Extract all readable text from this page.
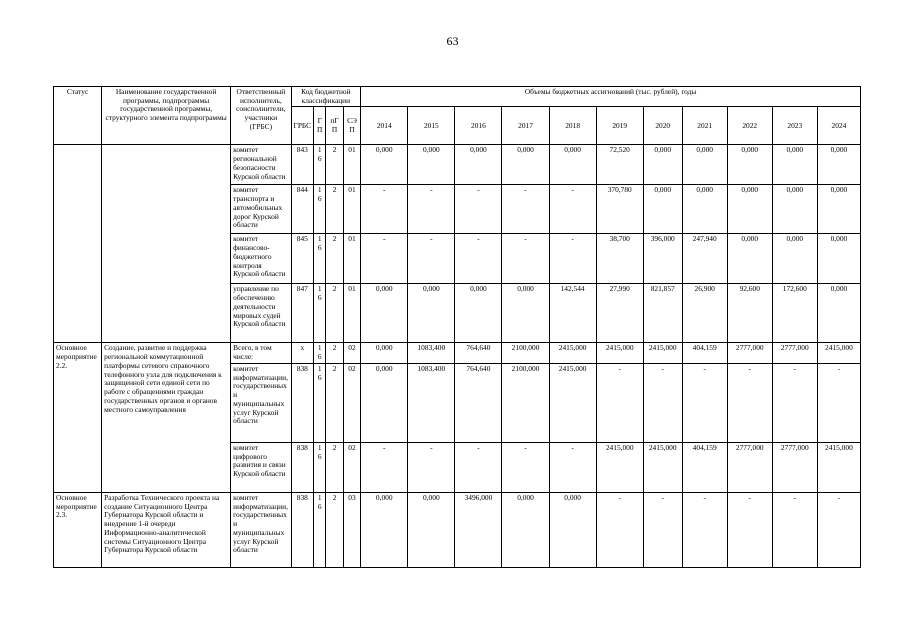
63
Статус	Наименование государственной программы, подпрограммы государственной программы, структурного элемента подпрограммы	Ответственный исполнитель, соисполнители, участники (ГРБС)	Код бюджетной классификации				Объемы бюджетных ассигнований (тыс. рублей), годы										
			ГРБС	ГП	пГП	СЭП	2014	2015	2016	2017	2018	2019	2020	2021	2022	2023	2024
		комитет региональной безопасности Курской области	843	16	2	01	0,000	0,000	0,000	0,000	0,000	72,520	0,000	0,000	0,000	0,000	0,000
		комитет транспорта и автомобильных дорог Курской области	844	16	2	01	-	-	-	-	-	370,780	0,000	0,000	0,000	0,000	0,000
		комитет финансово-бюджетного контроля Курской области	845	16	2	01	-	-	-	-	-	38,700	396,000	247,940	0,000	0,000	0,000
		управление по обеспечению деятельности мировых судей Курской области	847	16	2	01	0,000	0,000	0,000	0,000	142,544	27,990	821,857	26,900	92,600	172,600	0,000
Основное мероприятие 2.2.	Создание, развитие и поддержка региональной коммутационной платформы сетевого справочного телефонного узла для подключения к защищенной сети единой сети по работе с обращениями граждан государственных органов и органов местного самоуправления	Всего, в том числе:	х	16	2	02	0,000	1083,400	764,640	2100,000	2415,000	2415,000	2415,000	404,159	2777,000	2777,000	2415,000
		комитет информатизации, государственных и муниципальных услуг Курской области	838	16	2	02	0,000	1083,400	764,640	2100,000	2415,000	-	-	-	-	-	-
		комитет цифрового развития и связи Курской области	838	16	2	02	-	-	-	-	-	2415,000	2415,000	404,159	2777,000	2777,000	2415,000
Основное мероприятие 2.3.	Разработка Технического проекта на создание Ситуационного Центра Губернатора Курской области и внедрение 1-й очереди Информационно-аналитической системы Ситуационного Центра Губернатора Курской области	комитет информатизации, государственных и муниципальных услуг Курской области	838	16	2	03	0,000	0,000	3496,000	0,000	0,000	-	-	-	-	-	-
